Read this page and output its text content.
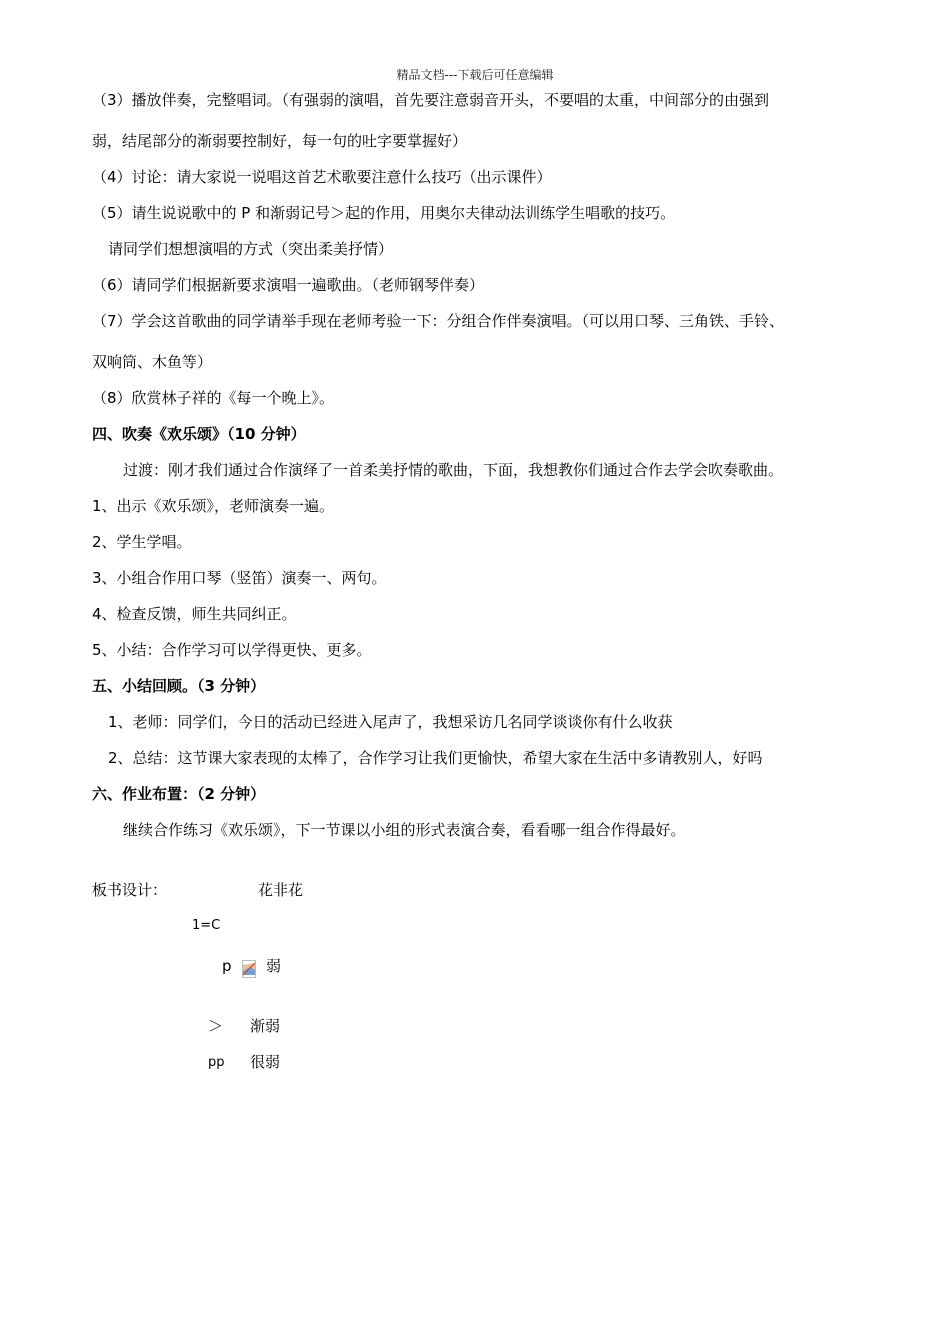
精品文档---下载后可任意编辑
（3）播放伴奏，完整唱词。（有强弱的演唱，首先要注意弱音开头，不要唱的太重，中间部分的由强到
弱，结尾部分的渐弱要控制好，每一句的吐字要掌握好）
（4）讨论：请大家说一说唱这首艺术歌要注意什么技巧（出示课件）
（5）请生说说歌中的 P 和渐弱记号＞起的作用，用奥尔夫律动法训练学生唱歌的技巧。
请同学们想想演唱的方式（突出柔美抒情）
（6）请同学们根据新要求演唱一遍歌曲。（老师钢琴伴奏）
（7）学会这首歌曲的同学请举手现在老师考验一下：分组合作伴奏演唱。（可以用口琴、三角铁、手铃、
双响筒、木鱼等）
（8）欣赏林子祥的《每一个晚上》。
四、吹奏《欢乐颂》（10 分钟）
过渡：刚才我们通过合作演绎了一首柔美抒情的歌曲，下面，我想教你们通过合作去学会吹奏歌曲。
1、出示《欢乐颂》，老师演奏一遍。
2、学生学唱。
3、小组合作用口琴（竖笛）演奏一、两句。
4、检查反馈，师生共同纠正。
5、小结：合作学习可以学得更快、更多。
五、小结回顾。（3 分钟）
1、老师：同学们，今日的活动已经进入尾声了，我想采访几名同学谈谈你有什么收获
2、总结：这节课大家表现的太棒了，合作学习让我们更愉快，希望大家在生活中多请教别人，好吗
六、作业布置：（2 分钟）
继续合作练习《欢乐颂》，下一节课以小组的形式表演合奏，看看哪一组合作得最好。
板书设计：	花非花
1=C
p 弱
＞ 渐弱
pp 很弱
